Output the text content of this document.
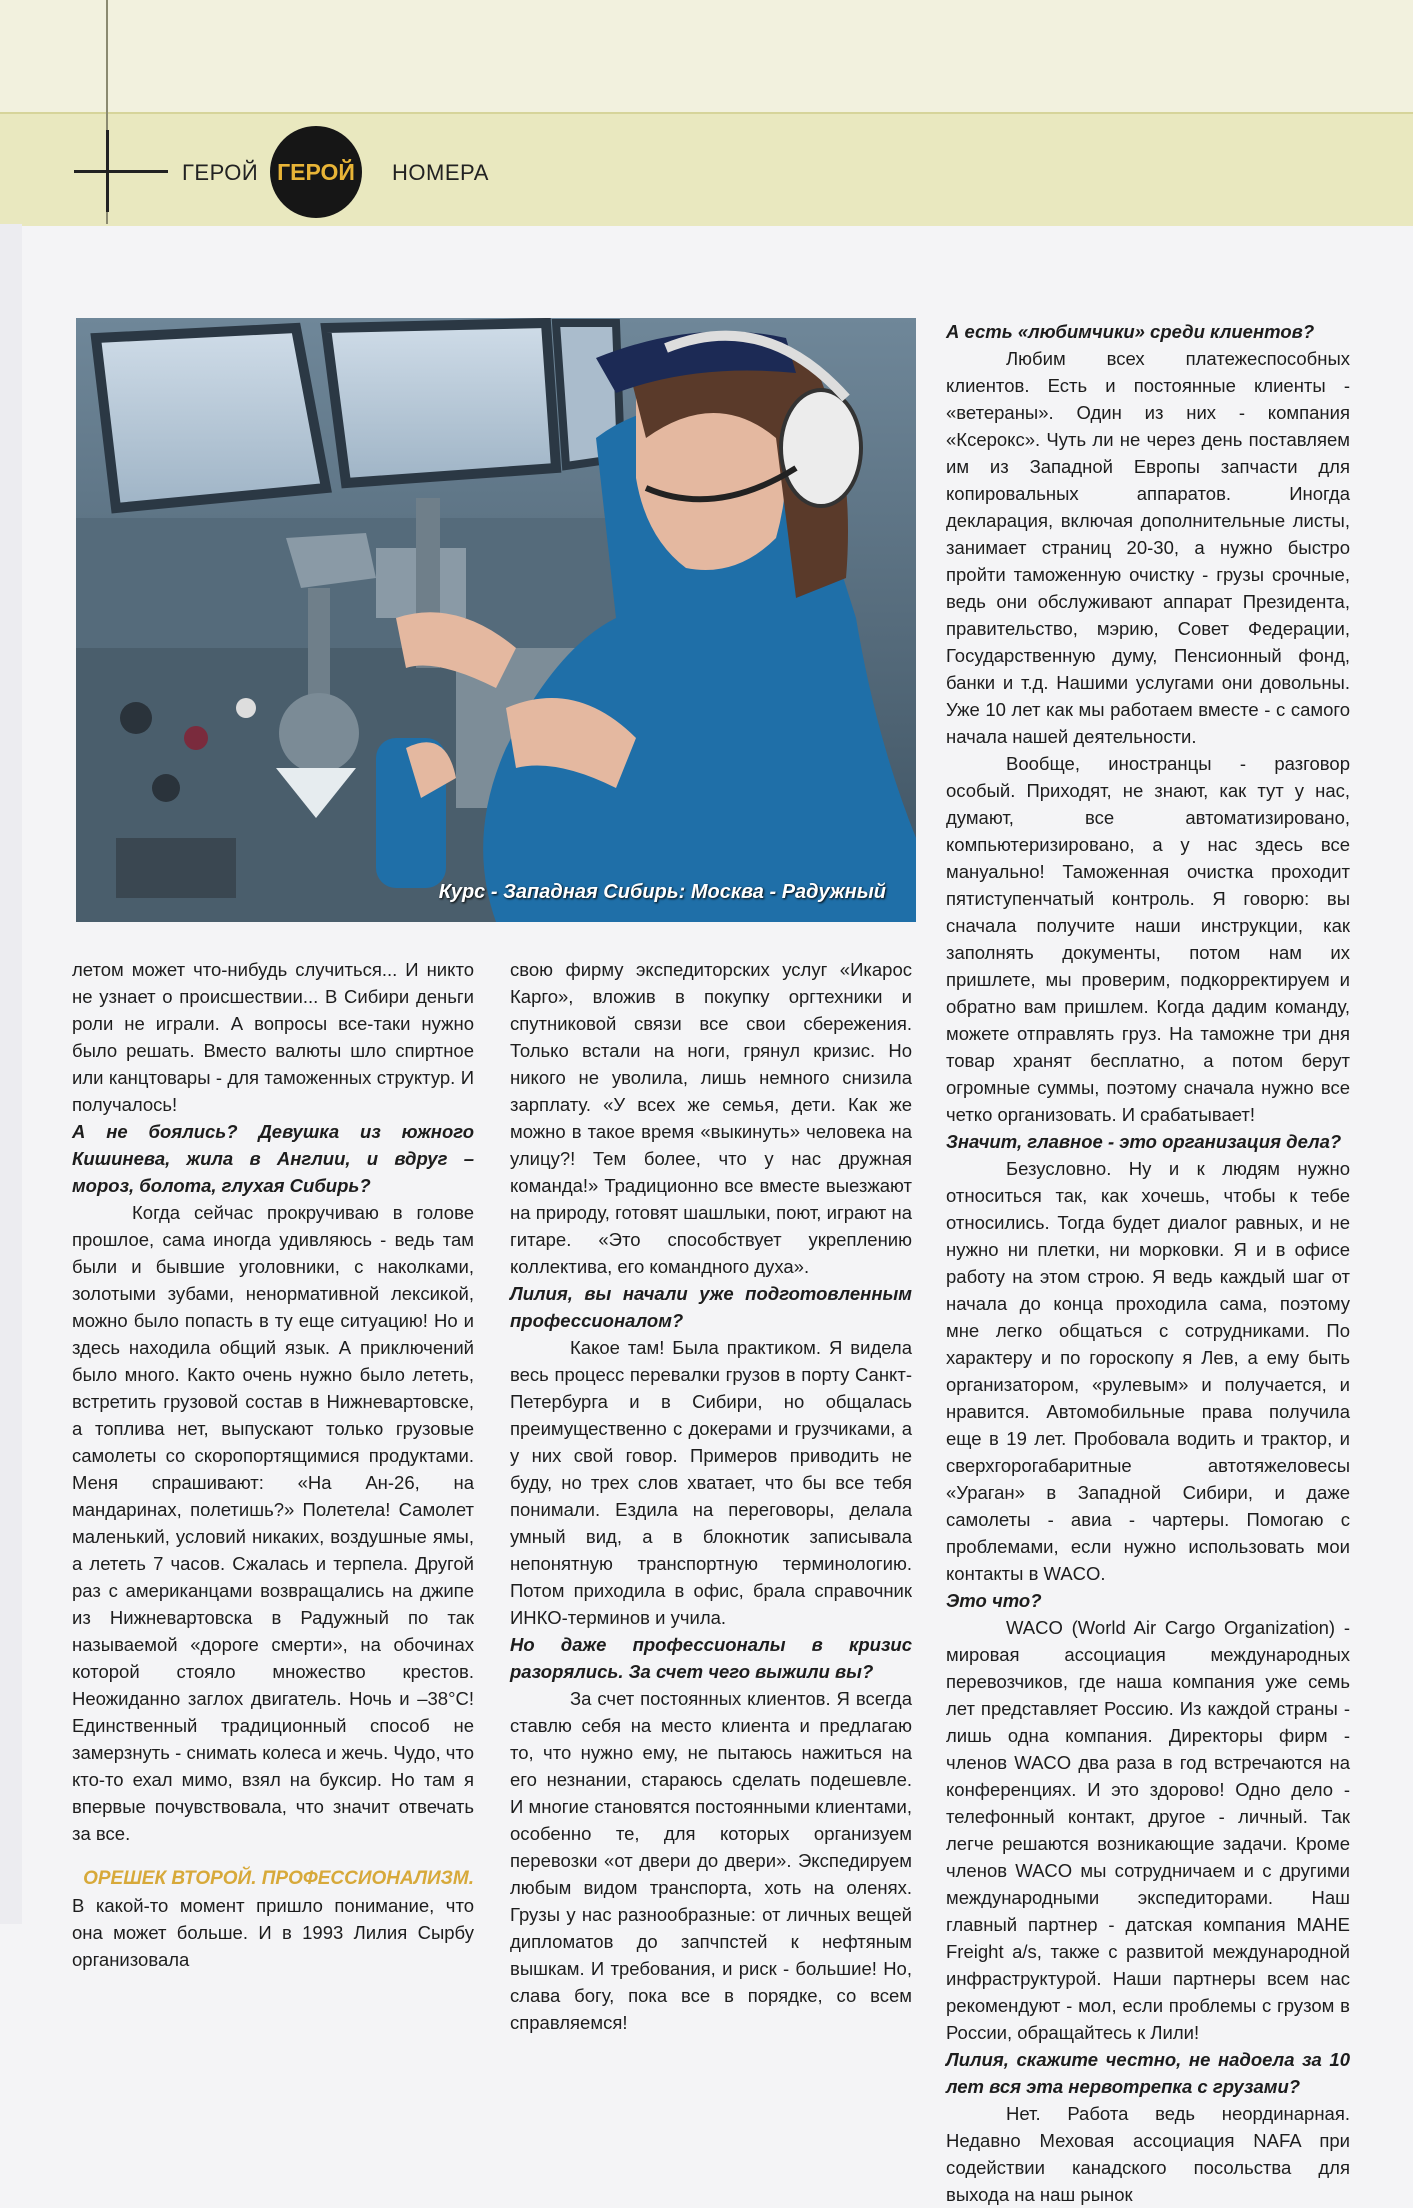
ГЕРОЙ ГЕРОЙ НОМЕРА
Курс - Западная Сибирь: Москва - Радужный

летом может что-нибудь случиться... И никто не узнает о происшествии... В Сибири деньги роли не играли. А вопросы все-таки нужно было решать. Вместо валюты шло спиртное или канцтовары - для таможенных структур. И получалось!

А не боялись? Девушка из южного Кишинева, жила в Англии, и вдруг – мороз, болота, глухая Сибирь?

Когда сейчас прокручиваю в голове прошлое, сама иногда удивляюсь - ведь там были и бывшие уголовники, с наколками, золотыми зубами, ненормативной лексикой, можно было попасть в ту еще ситуацию! Но и здесь находила общий язык. А приключений было много. Както очень нужно было лететь, встретить грузовой состав в Нижневартовске, а топлива нет, выпускают только грузовые самолеты со скоропортящимися продуктами. Меня спрашивают: «На Ан-26, на мандаринах, полетишь?» Полетела! Самолет маленький, условий никаких, воздушные ямы, а лететь 7 часов. Сжалась и терпела. Другой раз с американцами возвращались на джипе из Нижневартовска в Радужный по так называемой «дороге смерти», на обочинах которой стояло множество крестов. Неожиданно заглох двигатель. Ночь и –38°С! Единственный традиционный способ не замерзнуть - снимать колеса и жечь. Чудо, что кто-то ехал мимо, взял на буксир. Но там я впервые почувствовала, что значит отвечать за все.

ОРЕШЕК ВТОРОЙ. ПРОФЕССИОНАЛИЗМ.

В какой-то момент пришло понимание, что она может больше. И в 1993 Лилия Сырбу организовала

свою фирму экспедиторских услуг «Икарос Карго», вложив в покупку оргтехники и спутниковой связи все свои сбережения. Только встали на ноги, грянул кризис. Но никого не уволила, лишь немного снизила зарплату. «У всех же семья, дети. Как же можно в такое время «выкинуть» человека на улицу?! Тем более, что у нас дружная команда!» Традиционно все вместе выезжают на природу, готовят шашлыки, поют, играют на гитаре. «Это способствует укреплению коллектива, его командного духа».

Лилия, вы начали уже подготовленным профессионалом?

Какое там! Была практиком. Я видела весь процесс перевалки грузов в порту Санкт-Петербурга и в Сибири, но общалась преимущественно с докерами и грузчиками, а у них свой говор. Примеров приводить не буду, но трех слов хватает, что бы все тебя понимали. Ездила на переговоры, делала умный вид, а в блокнотик записывала непонятную транспортную терминологию. Потом приходила в офис, брала справочник ИНКО-терминов и учила.

Но даже профессионалы в кризис разорялись. За счет чего выжили вы?

За счет постоянных клиентов. Я всегда ставлю себя на место клиента и предлагаю то, что нужно ему, не пытаюсь нажиться на его незнании, стараюсь сделать подешевле. И многие становятся постоянными клиентами, особенно те, для которых организуем перевозки «от двери до двери». Экспедируем любым видом транспорта, хоть на оленях. Грузы у нас разнообразные: от личных вещей дипломатов до запчпстей к нефтяным вышкам. И требования, и риск - большие! Но, слава богу, пока все в порядке, со всем справляемся!

А есть «любимчики» среди клиентов?

Любим всех платежеспособных клиентов. Есть и постоянные клиенты - «ветераны». Один из них - компания «Ксерокс». Чуть ли не через день поставляем им из Западной Европы запчасти для копировальных аппаратов. Иногда декларация, включая дополнительные листы, занимает страниц 20-30, а нужно быстро пройти таможенную очистку - грузы срочные, ведь они обслуживают аппарат Президента, правительство, мэрию, Совет Федерации, Государственную думу, Пенсионный фонд, банки и т.д. Нашими услугами они довольны. Уже 10 лет как мы работаем вместе - с самого начала нашей деятельности.

Вообще, иностранцы - разговор особый. Приходят, не знают, как тут у нас, думают, все автоматизировано, компьютеризировано, а у нас здесь все мануально! Таможенная очистка проходит пятиступенчатый контроль. Я говорю: вы сначала получите наши инструкции, как заполнять документы, потом нам их пришлете, мы проверим, подкорректируем и обратно вам пришлем. Когда дадим команду, можете отправлять груз. На таможне три дня товар хранят бесплатно, а потом берут огромные суммы, поэтому сначала нужно все четко организовать. И срабатывает!

Значит, главное - это организация дела?

Безусловно. Ну и к людям нужно относиться так, как хочешь, чтобы к тебе относились. Тогда будет диалог равных, и не нужно ни плетки, ни морковки. Я и в офисе работу на этом строю. Я ведь каждый шаг от начала до конца проходила сама, поэтому мне легко общаться с сотрудниками. По характеру и по гороскопу я Лев, а ему быть организатором, «рулевым» и получается, и нравится. Автомобильные права получила еще в 19 лет. Пробовала водить и трактор, и сверхгорогабаритные автотяжеловесы «Ураган» в Западной Сибири, и даже самолеты - авиа - чартеры. Помогаю с проблемами, если нужно использовать мои контакты в WACO.

Это что?

WACO (World Air Cargo Organization) - мировая ассоциация международных перевозчиков, где наша компания уже семь лет представляет Россию. Из каждой страны - лишь одна компания. Директоры фирм - членов WACO два раза в год встречаются на конференциях. И это здорово! Одно дело - телефонный контакт, другое - личный. Так легче решаются возникающие задачи. Кроме членов WACO мы сотрудничаем и с другими международными экспедиторами. Наш главный партнер - датская компания MAHE Freight a/s, также с развитой международной инфраструктурой. Наши партнеры всем нас рекомендуют - мол, если проблемы с грузом в России, обращайтесь к Лили!

Лилия, скажите честно, не надоела за 10 лет вся эта нервотрепка с грузами?

Нет. Работа ведь неординарная. Недавно Меховая ассоциация NAFA при содействии канадского посольства для выхода на наш рынок
